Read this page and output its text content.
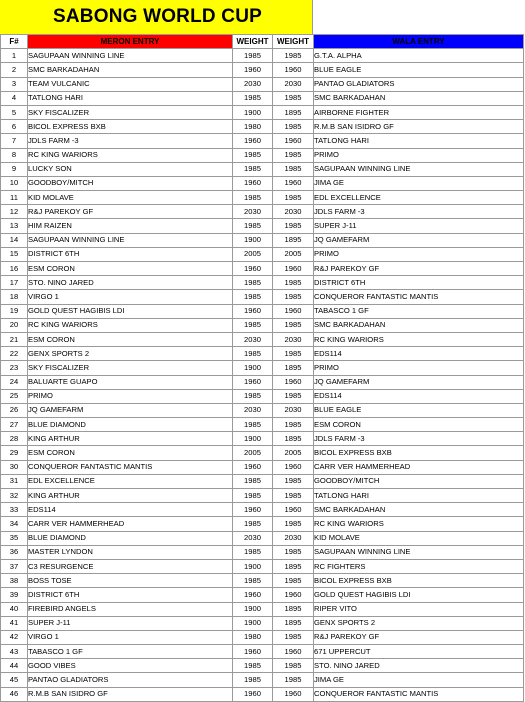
SABONG WORLD CUP
F#	MERON ENTRY	WEIGHT	WEIGHT	WALA ENTRY
1	SAGUPAAN WINNING LINE	1985	1985	G.T.A. ALPHA
2	SMC BARKADAHAN	1960	1960	BLUE EAGLE
3	TEAM VULCANIC	2030	2030	PANTAO GLADIATORS
4	TATLONG HARI	1985	1985	SMC BARKADAHAN
5	SKY FISCALIZER	1900	1895	AIRBORNE FIGHTER
6	BICOL EXPRESS BXB	1980	1985	R.M.B SAN ISIDRO GF
7	JDLS FARM -3	1960	1960	TATLONG HARI
8	RC KING WARIORS	1985	1985	PRIMO
9	LUCKY SON	1985	1985	SAGUPAAN WINNING LINE
10	GOODBOY/MITCH	1960	1960	JIMA GE
11	KID MOLAVE	1985	1985	EDL EXCELLENCE
12	R&J PAREKOY GF	2030	2030	JDLS FARM -3
13	HIM RAIZEN	1985	1985	SUPER J-11
14	SAGUPAAN WINNING LINE	1900	1895	JQ GAMEFARM
15	DISTRICT 6TH	2005	2005	PRIMO
16	ESM CORON	1960	1960	R&J PAREKOY GF
17	STO. NINO JARED	1985	1985	DISTRICT 6TH
18	VIRGO 1	1985	1985	CONQUEROR FANTASTIC MANTIS
19	GOLD QUEST HAGIBIS LDI	1960	1960	TABASCO 1 GF
20	RC KING WARIORS	1985	1985	SMC BARKADAHAN
21	ESM CORON	2030	2030	RC KING WARIORS
22	GENX SPORTS 2	1985	1985	EDS114
23	SKY FISCALIZER	1900	1895	PRIMO
24	BALUARTE GUAPO	1960	1960	JQ GAMEFARM
25	PRIMO	1985	1985	EDS114
26	JQ GAMEFARM	2030	2030	BLUE EAGLE
27	BLUE DIAMOND	1985	1985	ESM CORON
28	KING ARTHUR	1900	1895	JDLS FARM -3
29	ESM CORON	2005	2005	BICOL EXPRESS BXB
30	CONQUEROR FANTASTIC MANTIS	1960	1960	CARR VER HAMMERHEAD
31	EDL EXCELLENCE	1985	1985	GOODBOY/MITCH
32	KING ARTHUR	1985	1985	TATLONG HARI
33	EDS114	1960	1960	SMC BARKADAHAN
34	CARR VER HAMMERHEAD	1985	1985	RC KING WARIORS
35	BLUE DIAMOND	2030	2030	KID MOLAVE
36	MASTER LYNDON	1985	1985	SAGUPAAN WINNING LINE
37	C3 RESURGENCE	1900	1895	RC FIGHTERS
38	BOSS TOSE	1985	1985	BICOL EXPRESS BXB
39	DISTRICT 6TH	1960	1960	GOLD QUEST HAGIBIS LDI
40	FIREBIRD ANGELS	1900	1895	RIPER VITO
41	SUPER J-11	1900	1895	GENX SPORTS 2
42	VIRGO 1	1980	1985	R&J PAREKOY GF
43	TABASCO 1 GF	1960	1960	671 UPPERCUT
44	GOOD VIBES	1985	1985	STO. NINO JARED
45	PANTAO GLADIATORS	1985	1985	JIMA GE
46	R.M.B SAN ISIDRO GF	1960	1960	CONQUEROR FANTASTIC MANTIS
